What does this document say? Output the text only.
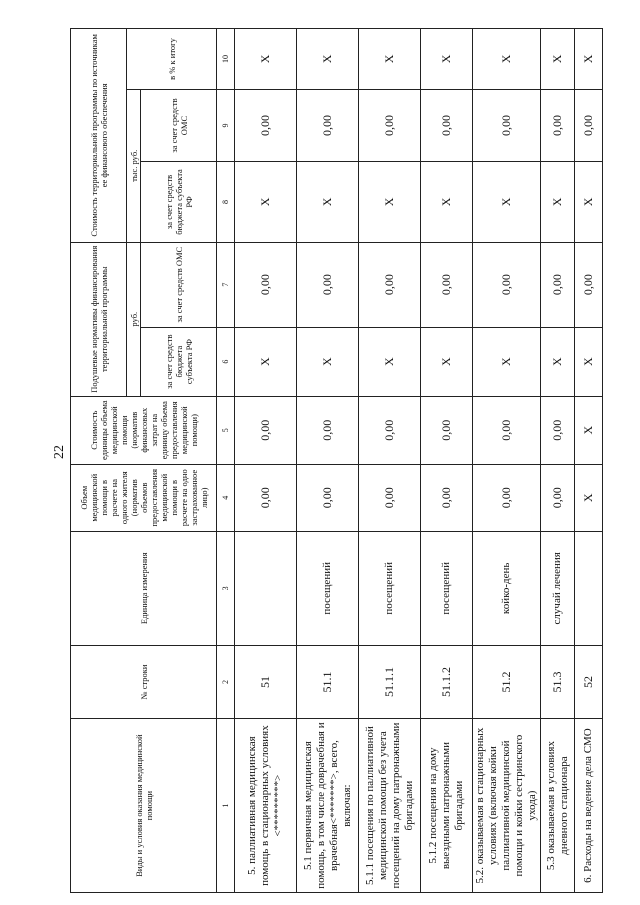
22
Виды и условия оказания медицинской помощи	№ строки	Единица измерения	Объем медицинской помощи в расчете на одного жителя (норматив объемов предоставления медицинской помощи в расчете на одно застрахованное лицо)	Стоимость единицы объема медицинской помощи (норматив финансовых затрат на единицу объема предоставления медицинской помощи)	Подушевые нормативы финансирования территориальной программы		Стоимость территориальной программы по источникам ее финансового обеспечения		
					руб.		тыс. руб.		в % к итогу
					за счет средств бюджета субъекта РФ	за счет средств ОМС	за счет средств бюджета субъекта РФ	за счет средств ОМС	
1	2	3	4	5	6	7	8	9	10
5. паллиативная медицинская помощь в стационарных условиях <*********>	51		0,00	0,00	X	0,00	X	0,00	X
5.1 первичная медицинская помощь, в том числе доврачебная и врачебная<*******>, всего, включая:	51.1	посещений	0,00	0,00	X	0,00	X	0,00	X
5.1.1 посещения по паллиативной медицинской помощи без учета посещений на дому патронажными бригадами	51.1.1	посещений	0,00	0,00	X	0,00	X	0,00	X
5.1.2 посещения на дому выездными патронажными бригадами	51.1.2	посещений	0,00	0,00	X	0,00	X	0,00	X
5.2. оказываемая в стационарных условиях (включая койки паллиативной медицинской помощи и койки сестринского ухода)	51.2	койко-день	0,00	0,00	X	0,00	X	0,00	X
5.3 оказываемая в условиях дневного стационара	51.3	случай лечения	0,00	0,00	X	0,00	X	0,00	X
6. Расходы на ведение дела СМО	52		X	X	X	0,00	X	0,00	X
